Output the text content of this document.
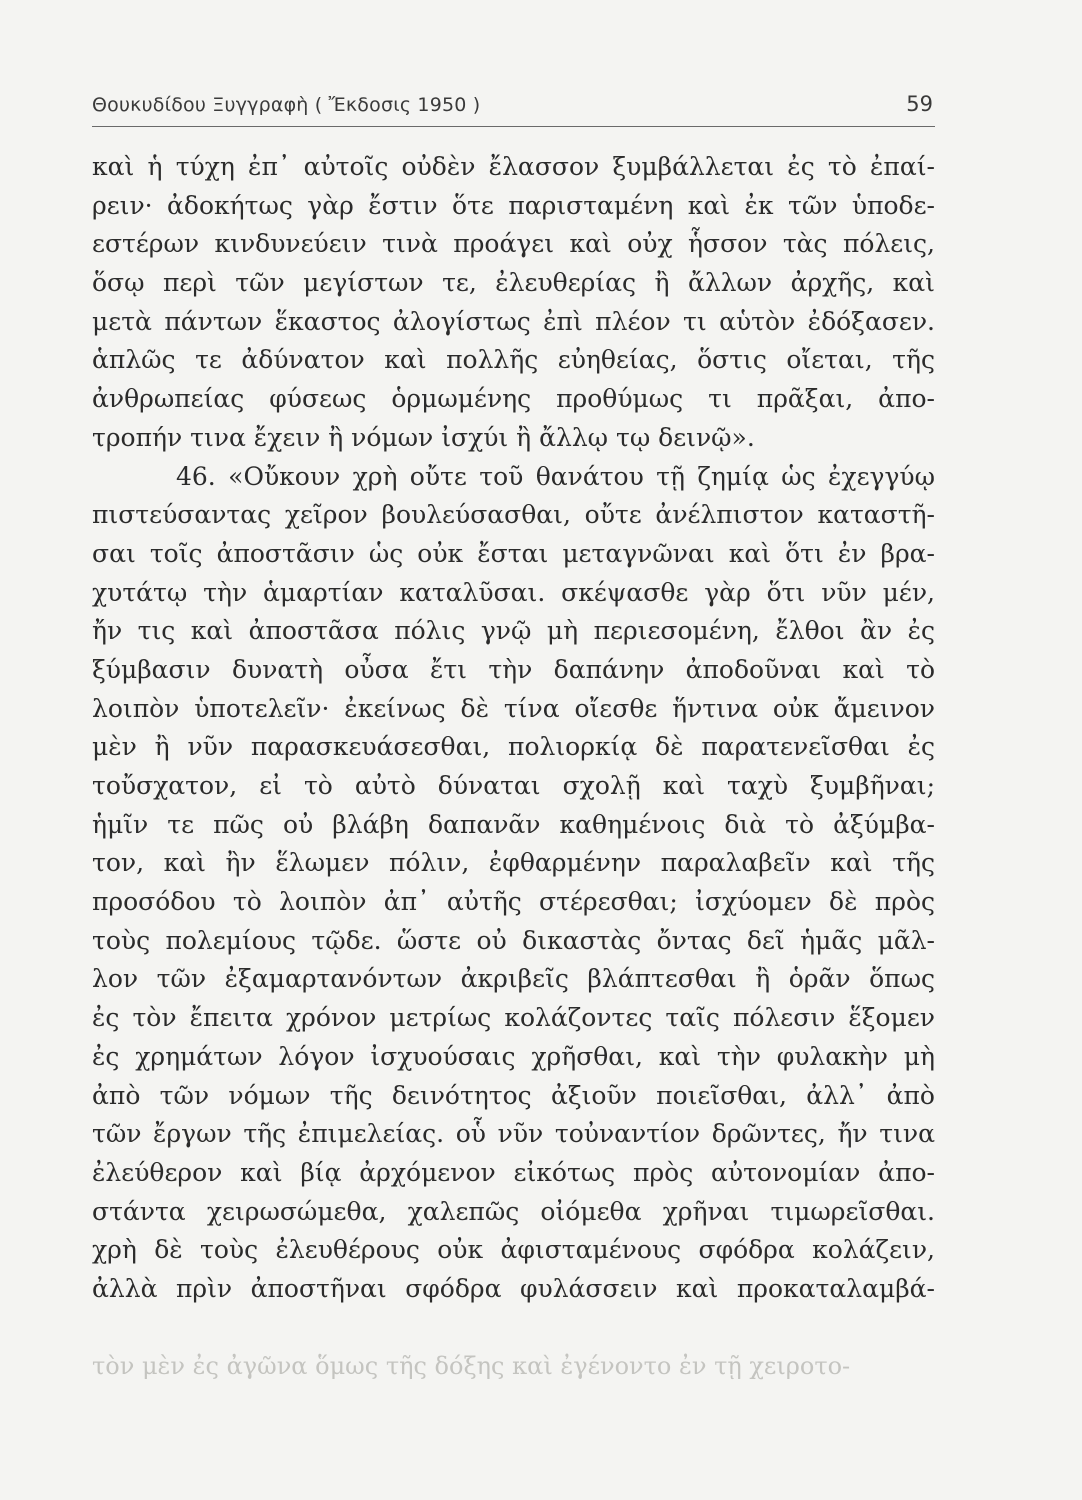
Θουκυδίδου Ξυγγραφὴ ( Ἔκδοσις 1950 )	59
καὶ ἡ τύχη ἐπ᾽ αὐτοῖς οὐδὲν ἔλασσον ξυμβάλλεται ἐς τὸ ἐπαί-
ρειν· ἀδοκήτως γὰρ ἔστιν ὅτε παρισταμένη καὶ ἐκ τῶν ὑποδε-
εστέρων κινδυνεύειν τινὰ προάγει καὶ οὐχ ἧσσον τὰς πόλεις,
ὅσῳ περὶ τῶν μεγίστων τε, ἐλευθερίας ἢ ἄλλων ἀρχῆς, καὶ
μετὰ πάντων ἕκαστος ἀλογίστως ἐπὶ πλέον τι αὑτὸν ἐδόξασεν.
ἁπλῶς τε ἀδύνατον καὶ πολλῆς εὐηθείας, ὅστις οἴεται, τῆς
ἀνθρωπείας φύσεως ὁρμωμένης προθύμως τι πρᾶξαι, ἀπο-
τροπήν τινα ἔχειν ἢ νόμων ἰσχύι ἢ ἄλλῳ τῳ δεινῷ».
46. «Οὔκουν χρὴ οὔτε τοῦ θανάτου τῇ ζημίᾳ ὡς ἐχεγγύῳ
πιστεύσαντας χεῖρον βουλεύσασθαι, οὔτε ἀνέλπιστον καταστῆ-
σαι τοῖς ἀποστᾶσιν ὡς οὐκ ἔσται μεταγνῶναι καὶ ὅτι ἐν βρα-
χυτάτῳ τὴν ἁμαρτίαν καταλῦσαι. σκέψασθε γὰρ ὅτι νῦν μέν,
ἤν τις καὶ ἀποστᾶσα πόλις γνῷ μὴ περιεσομένη, ἔλθοι ἂν ἐς
ξύμβασιν δυνατὴ οὖσα ἔτι τὴν δαπάνην ἀποδοῦναι καὶ τὸ
λοιπὸν ὑποτελεῖν· ἐκείνως δὲ τίνα οἴεσθε ἥντινα οὐκ ἄμεινον
μὲν ἢ νῦν παρασκευάσεσθαι, πολιορκίᾳ δὲ παρατενεῖσθαι ἐς
τοὔσχατον, εἰ τὸ αὐτὸ δύναται σχολῇ καὶ ταχὺ ξυμβῆναι;
ἡμῖν τε πῶς οὐ βλάβη δαπανᾶν καθημένοις διὰ τὸ ἀξύμβα-
τον, καὶ ἢν ἕλωμεν πόλιν, ἐφθαρμένην παραλαβεῖν καὶ τῆς
προσόδου τὸ λοιπὸν ἀπ᾽ αὐτῆς στέρεσθαι; ἰσχύομεν δὲ πρὸς
τοὺς πολεμίους τῷδε. ὥστε οὐ δικαστὰς ὄντας δεῖ ἡμᾶς μᾶλ-
λον τῶν ἐξαμαρτανόντων ἀκριβεῖς βλάπτεσθαι ἢ ὁρᾶν ὅπως
ἐς τὸν ἔπειτα χρόνον μετρίως κολάζοντες ταῖς πόλεσιν ἕξομεν
ἐς χρημάτων λόγον ἰσχυούσαις χρῆσθαι, καὶ τὴν φυλακὴν μὴ
ἀπὸ τῶν νόμων τῆς δεινότητος ἀξιοῦν ποιεῖσθαι, ἀλλ᾽ ἀπὸ
τῶν ἔργων τῆς ἐπιμελείας. οὗ νῦν τοὐναντίον δρῶντες, ἤν τινα
ἐλεύθερον καὶ βίᾳ ἀρχόμενον εἰκότως πρὸς αὐτονομίαν ἀπο-
στάντα χειρωσώμεθα, χαλεπῶς οἰόμεθα χρῆναι τιμωρεῖσθαι.
χρὴ δὲ τοὺς ἐλευθέρους οὐκ ἀφισταμένους σφόδρα κολάζειν,
ἀλλὰ πρὶν ἀποστῆναι σφόδρα φυλάσσειν καὶ προκαταλαμβά-
τὸν μὲν ἐς ἀγῶνα ὅμως τῆς δόξης καὶ ἐγένοντο ἐν τῇ χειροτο-
